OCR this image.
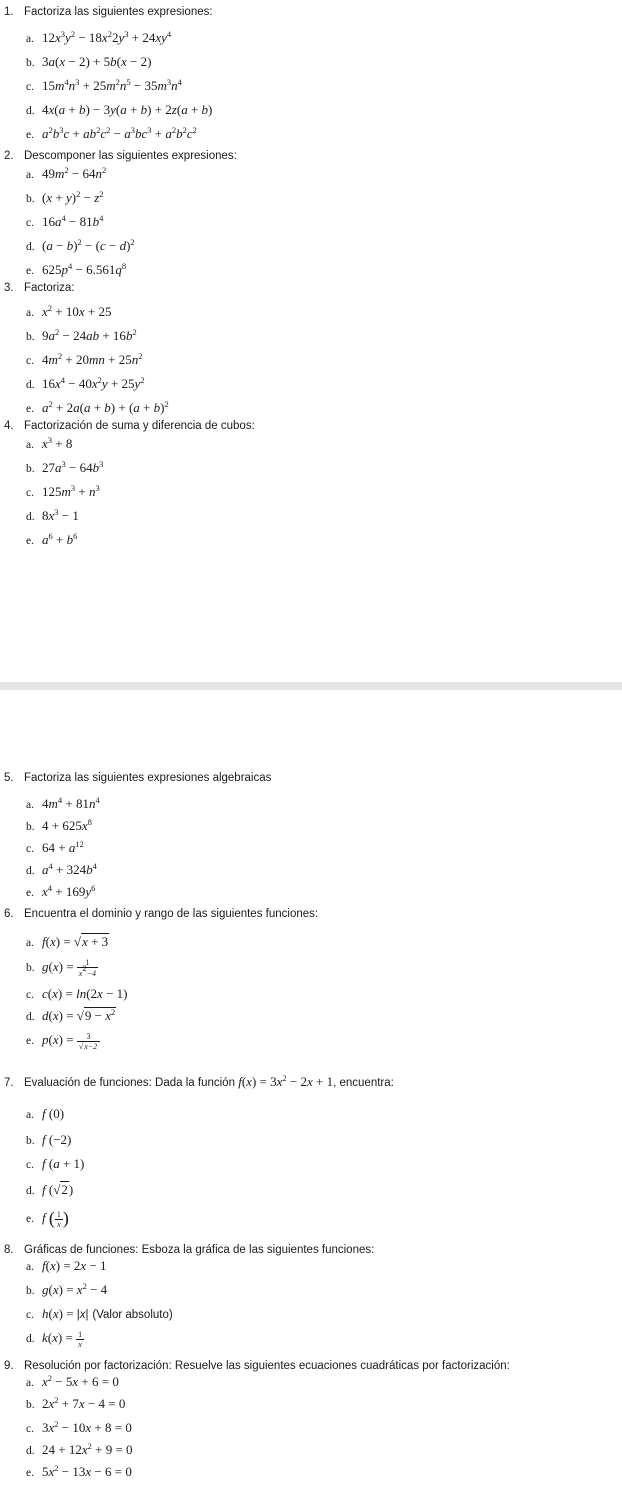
1. Factoriza las siguientes expresiones:
a. $12x^3y^2 - 18x^22y^3 + 24xy^4$
b. 3a(x − 2) + 5b(x − 2)
c. $15m^4n^3 + 25m^2n^5 - 35m^3n^4$
d. 4x(a + b) − 3y(a + b) + 2z(a + b)
e. $a^2b^3c + ab^2c^2 - a^3bc^3 + a^2b^2c^2$
2. Descomponer las siguientes expresiones:
a. $49m^2 - 64n^2$
b. $(x + y)^2 - z^2$
c. $16a^4 - 81b^4$
d. $(a - b)^2 - (c - d)^2$
e. $625p^4 - 6.561q^8$
3. Factoriza:
a. $x^2 + 10x + 25$
b. $9a^2 - 24ab + 16b^2$
c. $4m^2 + 20mn + 25n^2$
d. $16x^4 - 40x^2y + 25y^2$
e. $a^2 + 2a(a + b) + (a + b)^2$
4. Factorización de suma y diferencia de cubos:
a. $x^3 + 8$
b. $27a^3 - 64b^3$
c. $125m^3 + n^3$
d. $8x^3 - 1$
e. $a^6 + b^6$
5. Factoriza las siguientes expresiones algebraicas
a. $4m^4 + 81n^4$
b. $4 + 625x^8$
c. $64 + a^{12}$
d. $a^4 + 324b^4$
e. $x^4 + 169y^6$
6. Encuentra el dominio y rango de las siguientes funciones:
a. f(x) = √x + 3
b. $g(x) = \frac{1}{x^2-4}$
c. c(x) = ln(2x − 1)
d. $d(x) = √9 - x^2$
e. $p(x) = \frac{3}{√x-2}$
7. Evaluación de funciones: Dada la función $f(x) = 3x^2 - 2x + 1$, encuentra:
a. f (0)
b. f (−2)
c. f (a + 1)
d. f (√2)
e. f ( $\frac{1}{x}$ )
8. Gráficas de funciones: Esboza la gráfica de las siguientes funciones:
a. f(x) = 2x − 1
b. $g(x) = x^2 - 4$
c. h(x) = |x| (Valor absoluto)
d. $k(x) = \frac{1}{x}$
9. Resolución por factorización: Resuelve las siguientes ecuaciones cuadráticas por factorización:
a. $x^2 - 5x + 6 = 0$
b. $2x^2 + 7x - 4 = 0$
c. $3x^2 - 10x + 8 = 0$
d. $24 + 12x^2 + 9 = 0$
e. $5x^2 - 13x - 6 = 0$
